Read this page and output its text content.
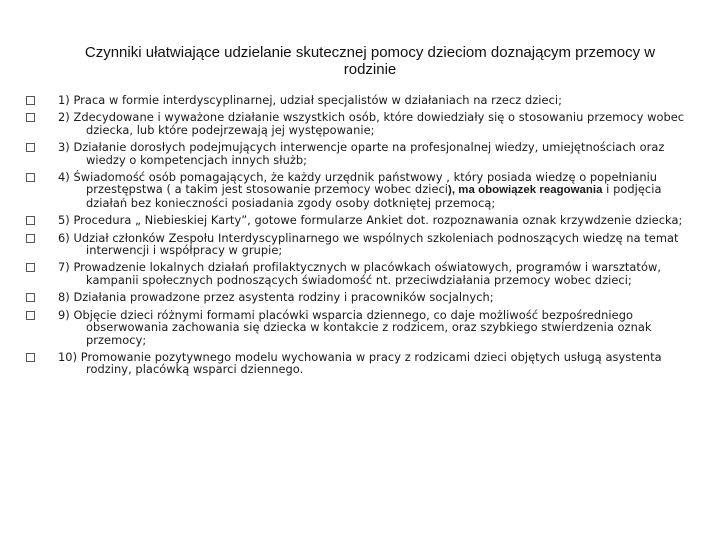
Czynniki ułatwiające udzielanie skutecznej pomocy dzieciom doznającym przemocy w rodzinie
1) Praca w formie interdyscyplinarnej, udział specjalistów w działaniach na rzecz dzieci;
2) Zdecydowane i wyważone działanie wszystkich osób, które dowiedziały się o stosowaniu przemocy wobec dziecka, lub które podejrzewają jej występowanie;
3) Działanie dorosłych podejmujących interwencje oparte na profesjonalnej wiedzy, umiejętnościach oraz wiedzy o kompetencjach innych służb;
4) Świadomość osób pomagających, że każdy urzędnik państwowy , który posiada wiedzę o popełnianiu przestępstwa ( a takim jest stosowanie przemocy wobec dzieci), ma obowiązek reagowania i podjęcia działań bez konieczności posiadania zgody osoby dotkniętej przemocą;
5) Procedura „ Niebieskiej Karty”, gotowe formularze Ankiet dot. rozpoznawania oznak krzywdzenie dziecka;
6) Udział członków Zespołu Interdyscyplinarnego we wspólnych szkoleniach podnoszących wiedzę na temat interwencji i współpracy w grupie;
7) Prowadzenie lokalnych działań profilaktycznych w placówkach oświatowych, programów i warsztatów, kampanii społecznych podnoszących świadomość nt. przeciwdziałania przemocy wobec dzieci;
8) Działania prowadzone przez asystenta rodziny i pracowników socjalnych;
9) Objęcie dzieci różnymi formami placówki wsparcia dziennego, co daje możliwość bezpośredniego obserwowania zachowania się dziecka w kontakcie z rodzicem, oraz szybkiego stwierdzenia oznak przemocy;
10) Promowanie pozytywnego modelu wychowania w pracy z rodzicami dzieci objętych usługą asystenta rodziny, placówką wsparci dziennego.
